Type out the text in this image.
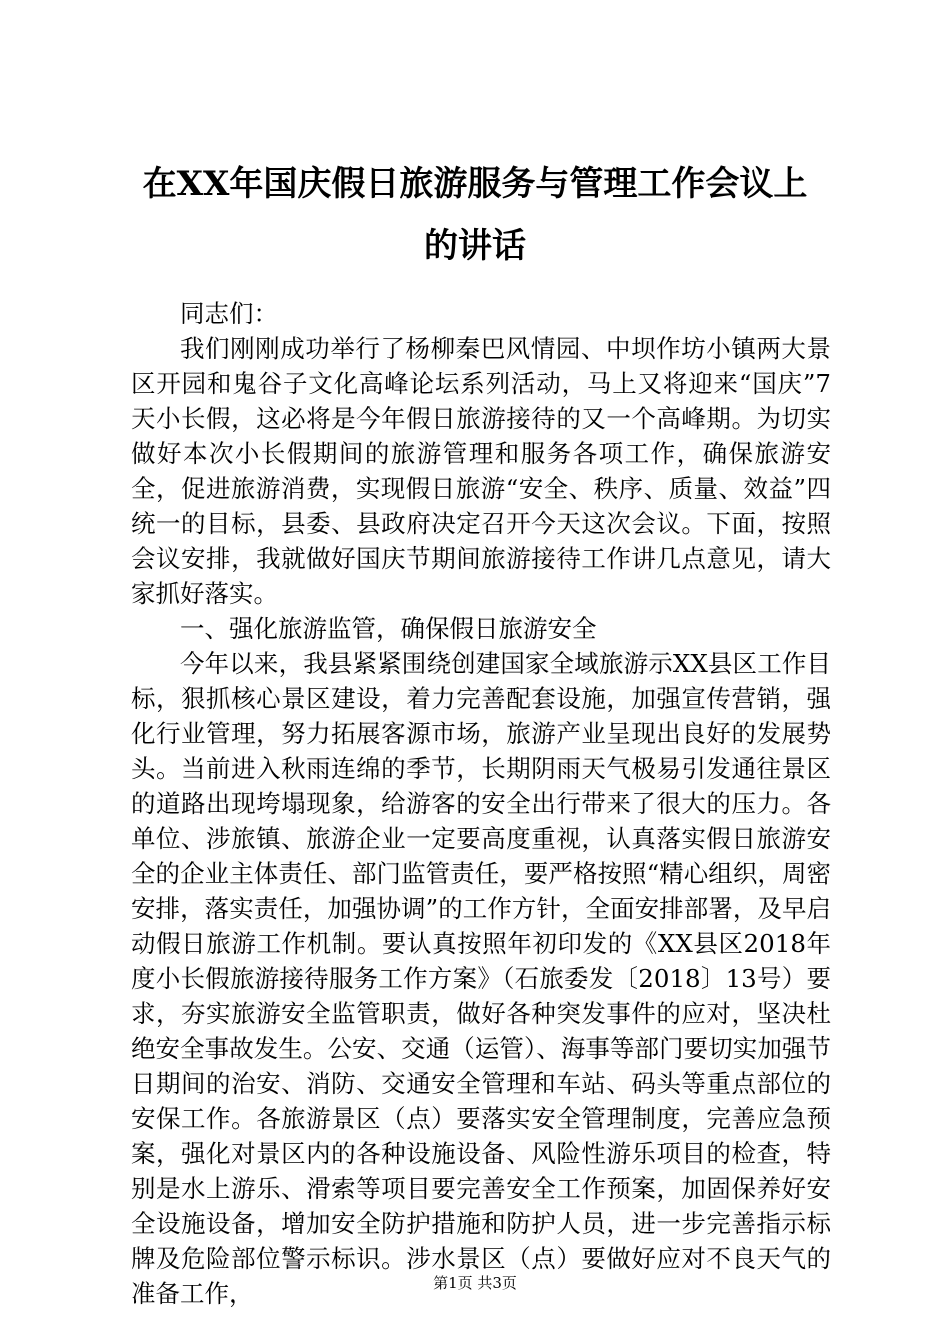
在XX年国庆假日旅游服务与管理工作会议上
的讲话

同志们：

我们刚刚成功举行了杨柳秦巴风情园、中坝作坊小镇两大景区开园和鬼谷子文化高峰论坛系列活动，马上又将迎来“国庆”7天小长假，这必将是今年假日旅游接待的又一个高峰期。为切实做好本次小长假期间的旅游管理和服务各项工作，确保旅游安全，促进旅游消费，实现假日旅游“安全、秩序、质量、效益”四统一的目标，县委、县政府决定召开今天这次会议。下面，按照会议安排，我就做好国庆节期间旅游接待工作讲几点意见，请大家抓好落实。

一、强化旅游监管，确保假日旅游安全

今年以来，我县紧紧围绕创建国家全域旅游示XX县区工作目标，狠抓核心景区建设，着力完善配套设施，加强宣传营销，强化行业管理，努力拓展客源市场，旅游产业呈现出良好的发展势头。当前进入秋雨连绵的季节，长期阴雨天气极易引发通往景区的道路出现垮塌现象，给游客的安全出行带来了很大的压力。各单位、涉旅镇、旅游企业一定要高度重视，认真落实假日旅游安全的企业主体责任、部门监管责任，要严格按照“精心组织，周密安排，落实责任，加强协调”的工作方针，全面安排部署，及早启动假日旅游工作机制。要认真按照年初印发的《XX县区2018年度小长假旅游接待服务工作方案》（石旅委发〔2018〕13号）要求，夯实旅游安全监管职责，做好各种突发事件的应对，坚决杜绝安全事故发生。公安、交通（运管）、海事等部门要切实加强节日期间的治安、消防、交通安全管理和车站、码头等重点部位的安保工作。各旅游景区（点）要落实安全管理制度，完善应急预案，强化对景区内的各种设施设备、风险性游乐项目的检查，特别是水上游乐、滑索等项目要完善安全工作预案，加固保养好安全设施设备，增加安全防护措施和防护人员，进一步完善指示标牌及危险部位警示标识。涉水景区（点）要做好应对不良天气的准备工作，	第1页 共3页
